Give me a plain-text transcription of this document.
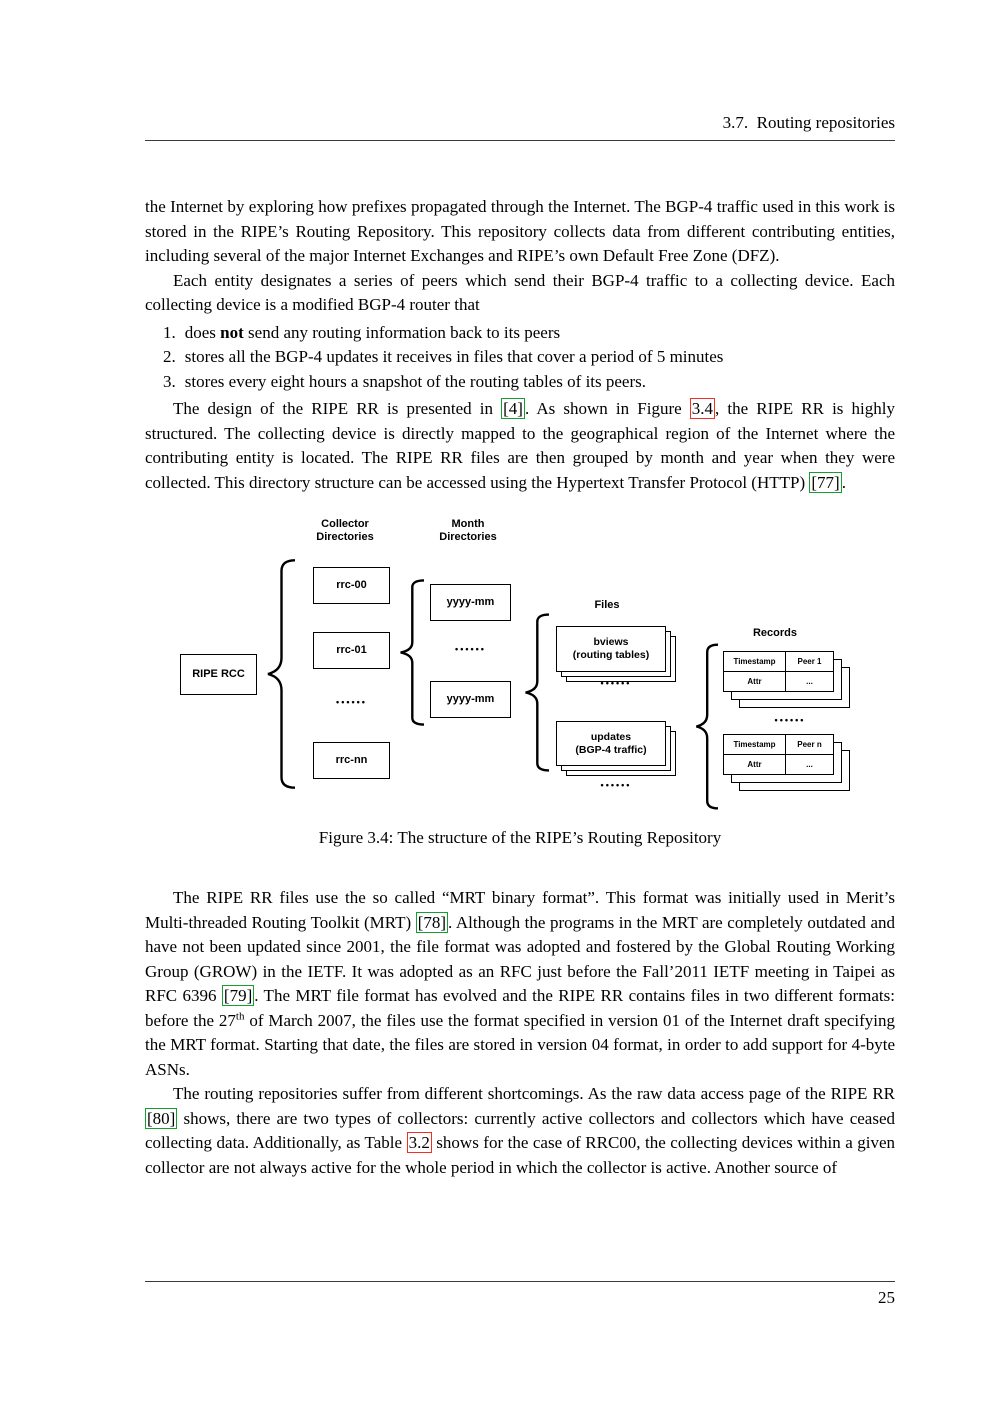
3.7.  Routing repositories

the Internet by exploring how prefixes propagated through the Internet. The BGP-4 traffic used in this work is stored in the RIPE’s Routing Repository. This repository collects data from different contributing entities, including several of the major Internet Exchanges and RIPE’s own Default Free Zone (DFZ).

Each entity designates a series of peers which send their BGP-4 traffic to a collecting device. Each collecting device is a modified BGP-4 router that

1. does not send any routing information back to its peers
2. stores all the BGP-4 updates it receives in files that cover a period of 5 minutes
3. stores every eight hours a snapshot of the routing tables of its peers.

The design of the RIPE RR is presented in [4] . As shown in Figure 3.4 , the RIPE RR is highly structured. The collecting device is directly mapped to the geographical region of the Internet where the contributing entity is located. The RIPE RR files are then grouped by month and year when they were collected. This directory structure can be accessed using the Hypertext Transfer Protocol (HTTP) [77] .

Collector
Directories
Month
Directories
RIPE RCC
rrc-00
rrc-01
••••••
rrc-nn
yyyy-mm
••••••
yyyy-mm
Files
bviews
(routing tables)
••••••
updates
(BGP-4 traffic)
••••••
Records
Timestamp	Peer 1
Attr	...
••••••
Timestamp	Peer n
Attr	...
Figure 3.4: The structure of the RIPE’s Routing Repository

The RIPE RR files use the so called “MRT binary format”. This format was initially used in Merit’s Multi-threaded Routing Toolkit (MRT) [78] . Although the programs in the MRT are completely outdated and have not been updated since 2001, the file format was adopted and fostered by the Global Routing Working Group (GROW) in the IETF. It was adopted as an RFC just before the Fall’2011 IETF meeting in Taipei as RFC 6396 [79] . The MRT file format has evolved and the RIPE RR contains files in two different formats: before the 27th of March 2007, the files use the format specified in version 01 of the Internet draft specifying the MRT format. Starting that date, the files are stored in version 04 format, in order to add support for 4-byte ASNs.

The routing repositories suffer from different shortcomings. As the raw data access page of the RIPE RR [80] shows, there are two types of collectors: currently active collectors and collectors which have ceased collecting data. Additionally, as Table 3.2 shows for the case of RRC00, the collecting devices within a given collector are not always active for the whole period in which the collector is active. Another source of

25
